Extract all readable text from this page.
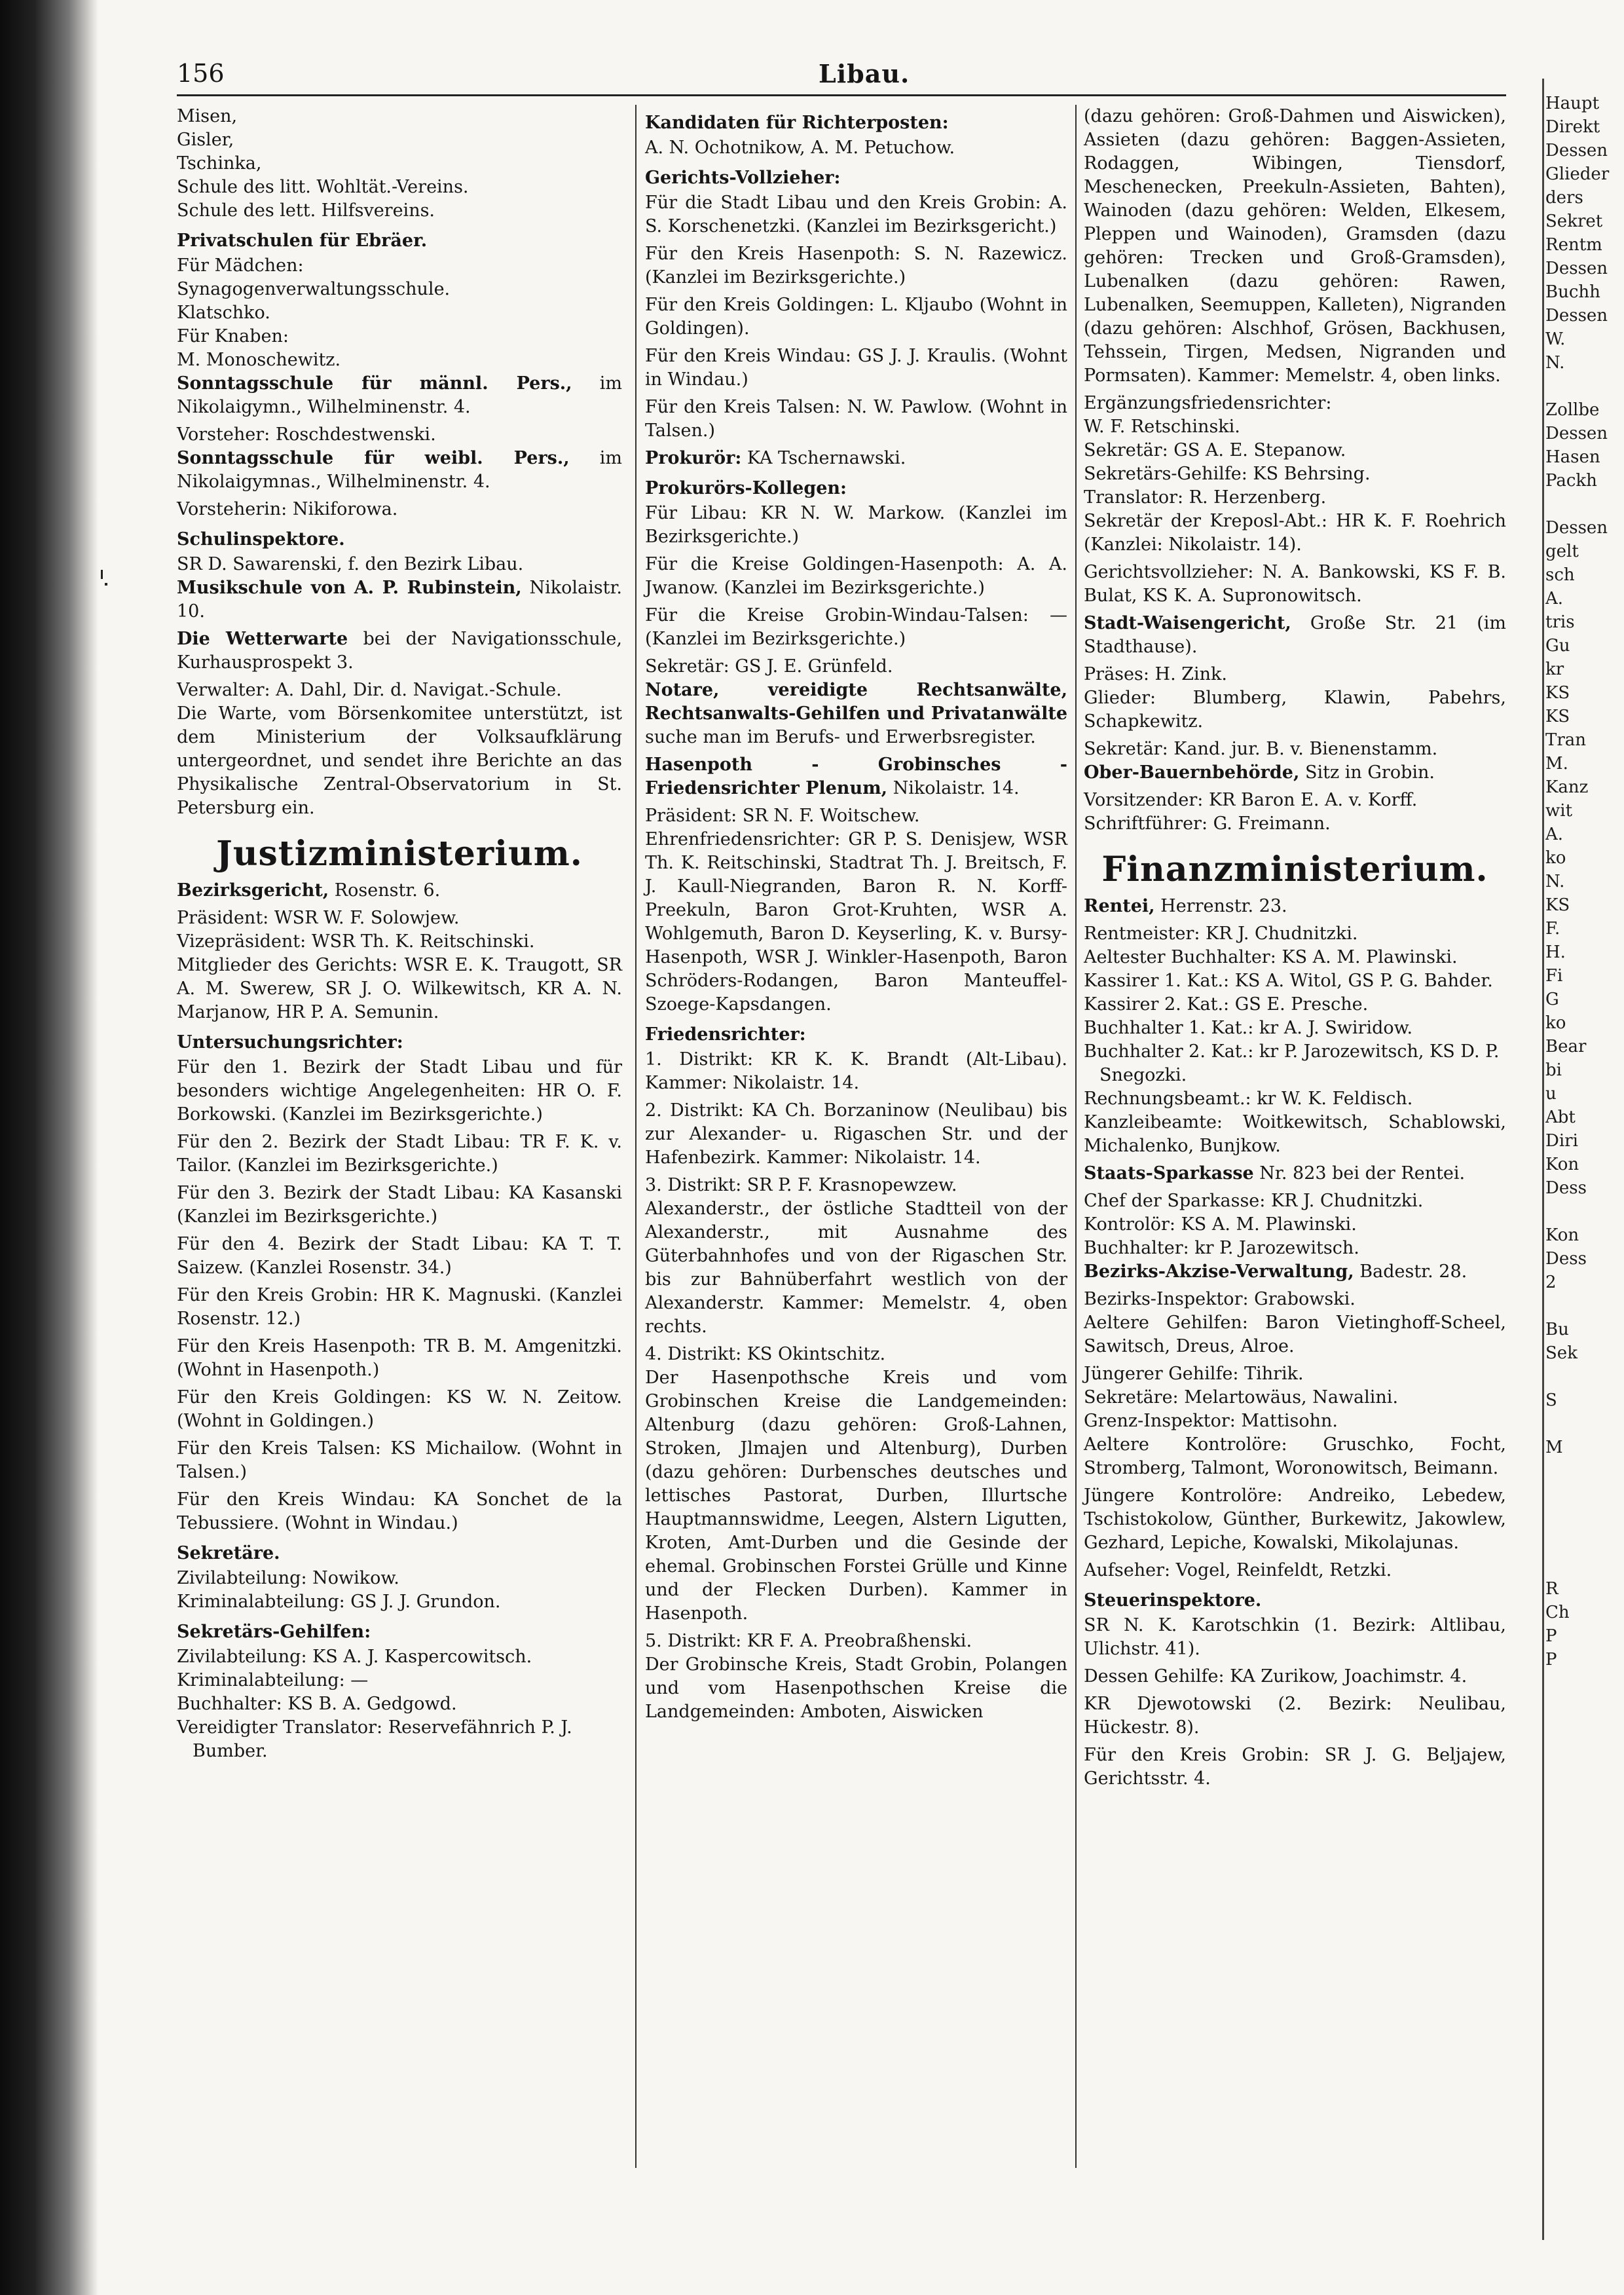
156	Libau.
Misen,
Gisler,
Tschinka,
Schule des litt. Wohltät.-Vereins.
Schule des lett. Hilfsvereins.
Privatschulen für Ebräer.
Für Mädchen:
Synagogenverwaltungsschule.
Klatschko.
Für Knaben:
M. Monoschewitz.
Sonntagsschule für männl. Pers., im Nikolaigymn., Wilhelminenstr. 4.
Vorsteher: Roschdestwenski.
Sonntagsschule für weibl. Pers., im Nikolaigymnas., Wilhelminenstr. 4.
Vorsteherin: Nikiforowa.
Schulinspektore.
SR D. Sawarenski, f. den Bezirk Libau.
Musikschule von A. P. Rubinstein, Nikolaistr. 10.
Die Wetterwarte bei der Navigationsschule, Kurhausprospekt 3.
Verwalter: A. Dahl, Dir. d. Navigat.-Schule.
Die Warte, vom Börsenkomitee unterstützt, ist dem Ministerium der Volksaufklärung untergeordnet, und sendet ihre Berichte an das Physikalische Zentral-Observatorium in St. Petersburg ein.
Justizministerium.
Bezirksgericht, Rosenstr. 6.
Präsident: WSR W. F. Solowjew.
Vizepräsident: WSR Th. K. Reitschinski.
Mitglieder des Gerichts: WSR E. K. Traugott, SR A. M. Swerew, SR J. O. Wilkewitsch, KR A. N. Marjanow, HR P. A. Semunin.
Untersuchungsrichter:
Für den 1. Bezirk der Stadt Libau und für besonders wichtige Angelegenheiten: HR O. F. Borkowski. (Kanzlei im Bezirksgerichte.)
Für den 2. Bezirk der Stadt Libau: TR F. K. v. Tailor. (Kanzlei im Bezirksgerichte.)
Für den 3. Bezirk der Stadt Libau: KA Kasanski (Kanzlei im Bezirksgerichte.)
Für den 4. Bezirk der Stadt Libau: KA T. T. Saizew. (Kanzlei Rosenstr. 34.)
Für den Kreis Grobin: HR K. Magnuski. (Kanzlei Rosenstr. 12.)
Für den Kreis Hasenpoth: TR B. M. Amgenitzki. (Wohnt in Hasenpoth.)
Für den Kreis Goldingen: KS W. N. Zeitow. (Wohnt in Goldingen.)
Für den Kreis Talsen: KS Michailow. (Wohnt in Talsen.)
Für den Kreis Windau: KA Sonchet de la Tebussiere. (Wohnt in Windau.)
Sekretäre.
Zivilabteilung: Nowikow.
Kriminalabteilung: GS J. J. Grundon.
Sekretärs-Gehilfen:
Zivilabteilung: KS A. J. Kaspercowitsch.
Kriminalabteilung: —
Buchhalter: KS B. A. Gedgowd.
Vereidigter Translator: Reservefähnrich P. J. Bumber.
Kandidaten für Richterposten:
A. N. Ochotnikow, A. M. Petuchow.
Gerichts-Vollzieher:
Für die Stadt Libau und den Kreis Grobin: A. S. Korschenetzki. (Kanzlei im Bezirksgericht.)
Für den Kreis Hasenpoth: S. N. Razewicz. (Kanzlei im Bezirksgerichte.)
Für den Kreis Goldingen: L. Kljaubo (Wohnt in Goldingen).
Für den Kreis Windau: GS J. J. Kraulis. (Wohnt in Windau.)
Für den Kreis Talsen: N. W. Pawlow. (Wohnt in Talsen.)
Prokurör: KA Tschernawski.
Prokurörs-Kollegen:
Für Libau: KR N. W. Markow. (Kanzlei im Bezirksgerichte.)
Für die Kreise Goldingen-Hasenpoth: A. A. Jwanow. (Kanzlei im Bezirksgerichte.)
Für die Kreise Grobin-Windau-Talsen: — (Kanzlei im Bezirksgerichte.)
Sekretär: GS J. E. Grünfeld.
Notare, vereidigte Rechtsanwälte, Rechtsanwalts-Gehilfen und Privatanwälte suche man im Berufs- und Erwerbsregister.
Hasenpoth - Grobinsches - Friedensrichter Plenum, Nikolaistr. 14.
Präsident: SR N. F. Woitschew.
Ehrenfriedensrichter: GR P. S. Denisjew, WSR Th. K. Reitschinski, Stadtrat Th. J. Breitsch, F. J. Kaull-Niegranden, Baron R. N. Korff-Preekuln, Baron Grot-Kruhten, WSR A. Wohlgemuth, Baron D. Keyserling, K. v. Bursy-Hasenpoth, WSR J. Winkler-Hasenpoth, Baron Schröders-Rodangen, Baron Manteuffel-Szoege-Kapsdangen.
Friedensrichter:
1. Distrikt: KR K. K. Brandt (Alt-Libau). Kammer: Nikolaistr. 14.
2. Distrikt: KA Ch. Borzaninow (Neulibau) bis zur Alexander- u. Rigaschen Str. und der Hafenbezirk. Kammer: Nikolaistr. 14.
3. Distrikt: SR P. F. Krasnopewzew.
Alexanderstr., der östliche Stadtteil von der Alexanderstr., mit Ausnahme des Güterbahnhofes und von der Rigaschen Str. bis zur Bahnüberfahrt westlich von der Alexanderstr. Kammer: Memelstr. 4, oben rechts.
4. Distrikt: KS Okintschitz.
Der Hasenpothsche Kreis und vom Grobinschen Kreise die Landgemeinden: Altenburg (dazu gehören: Groß-Lahnen, Stroken, Jlmajen und Altenburg), Durben (dazu gehören: Durbensches deutsches und lettisches Pastorat, Durben, Illurtsche Hauptmannswidme, Leegen, Alstern Ligutten, Kroten, Amt-Durben und die Gesinde der ehemal. Grobinschen Forstei Grülle und Kinne und der Flecken Durben). Kammer in Hasenpoth.
5. Distrikt: KR F. A. Preobraßhenski.
Der Grobinsche Kreis, Stadt Grobin, Polangen und vom Hasenpothschen Kreise die Landgemeinden: Amboten, Aiswicken
(dazu gehören: Groß-Dahmen und Aiswicken), Assieten (dazu gehören: Baggen-Assieten, Rodaggen, Wibingen, Tiensdorf, Meschenecken, Preekuln-Assieten, Bahten), Wainoden (dazu gehören: Welden, Elkesem, Pleppen und Wainoden), Gramsden (dazu gehören: Trecken und Groß-Gramsden), Lubenalken (dazu gehören: Rawen, Lubenalken, Seemuppen, Kalleten), Nigranden (dazu gehören: Alschhof, Grösen, Backhusen, Tehssein, Tirgen, Medsen, Nigranden und Pormsaten). Kammer: Memelstr. 4, oben links.
Ergänzungsfriedensrichter:
W. F. Retschinski.
Sekretär: GS A. E. Stepanow.
Sekretärs-Gehilfe: KS Behrsing.
Translator: R. Herzenberg.
Sekretär der Kreposl-Abt.: HR K. F. Roehrich (Kanzlei: Nikolaistr. 14).
Gerichtsvollzieher: N. A. Bankowski, KS F. B. Bulat, KS K. A. Supronowitsch.
Stadt-Waisengericht, Große Str. 21 (im Stadthause).
Präses: H. Zink.
Glieder: Blumberg, Klawin, Pabehrs, Schapkewitz.
Sekretär: Kand. jur. B. v. Bienenstamm.
Ober-Bauernbehörde, Sitz in Grobin.
Vorsitzender: KR Baron E. A. v. Korff.
Schriftführer: G. Freimann.
Finanzministerium.
Rentei, Herrenstr. 23.
Rentmeister: KR J. Chudnitzki.
Aeltester Buchhalter: KS A. M. Plawinski.
Kassirer 1. Kat.: KS A. Witol, GS P. G. Bahder.
Kassirer 2. Kat.: GS E. Presche.
Buchhalter 1. Kat.: kr A. J. Swiridow.
Buchhalter 2. Kat.: kr P. Jarozewitsch, KS D. P. Snegozki.
Rechnungsbeamt.: kr W. K. Feldisch.
Kanzleibeamte: Woitkewitsch, Schablowski, Michalenko, Bunjkow.
Staats-Sparkasse Nr. 823 bei der Rentei.
Chef der Sparkasse: KR J. Chudnitzki.
Kontrolör: KS A. M. Plawinski.
Buchhalter: kr P. Jarozewitsch.
Bezirks-Akzise-Verwaltung, Badestr. 28.
Bezirks-Inspektor: Grabowski.
Aeltere Gehilfen: Baron Vietinghoff-Scheel, Sawitsch, Dreus, Alroe.
Jüngerer Gehilfe: Tihrik.
Sekretäre: Melartowäus, Nawalini.
Grenz-Inspektor: Mattisohn.
Aeltere Kontrolöre: Gruschko, Focht, Stromberg, Talmont, Woronowitsch, Beimann.
Jüngere Kontrolöre: Andreiko, Lebedew, Tschistokolow, Günther, Burkewitz, Jakowlew, Gezhard, Lepiche, Kowalski, Mikolajunas.
Aufseher: Vogel, Reinfeldt, Retzki.
Steuerinspektore.
SR N. K. Karotschkin (1. Bezirk: Altlibau, Ulichstr. 41).
Dessen Gehilfe: KA Zurikow, Joachimstr. 4.
KR Djewotowski (2. Bezirk: Neulibau, Hückestr. 8).
Für den Kreis Grobin: SR J. G. Beljajew, Gerichtsstr. 4.
Haupt
Direkt
Dessen
Glieder
ders
Sekret
Rentm
Dessen
Buchh
Dessen
W.
N.

Zollbe
Dessen
Hasen
Packh

Dessen
gelt
sch
A.
tris
Gu
kr
KS
KS
Tran
M.
Kanz
wit
A.
ko
N.
KS
F.
H.
Fi
G
ko
Bear
bi
u
Abt
Diri
Kon
Dess

Kon
Dess
2

Bu
Sek

S

M

R
Ch
P
P
